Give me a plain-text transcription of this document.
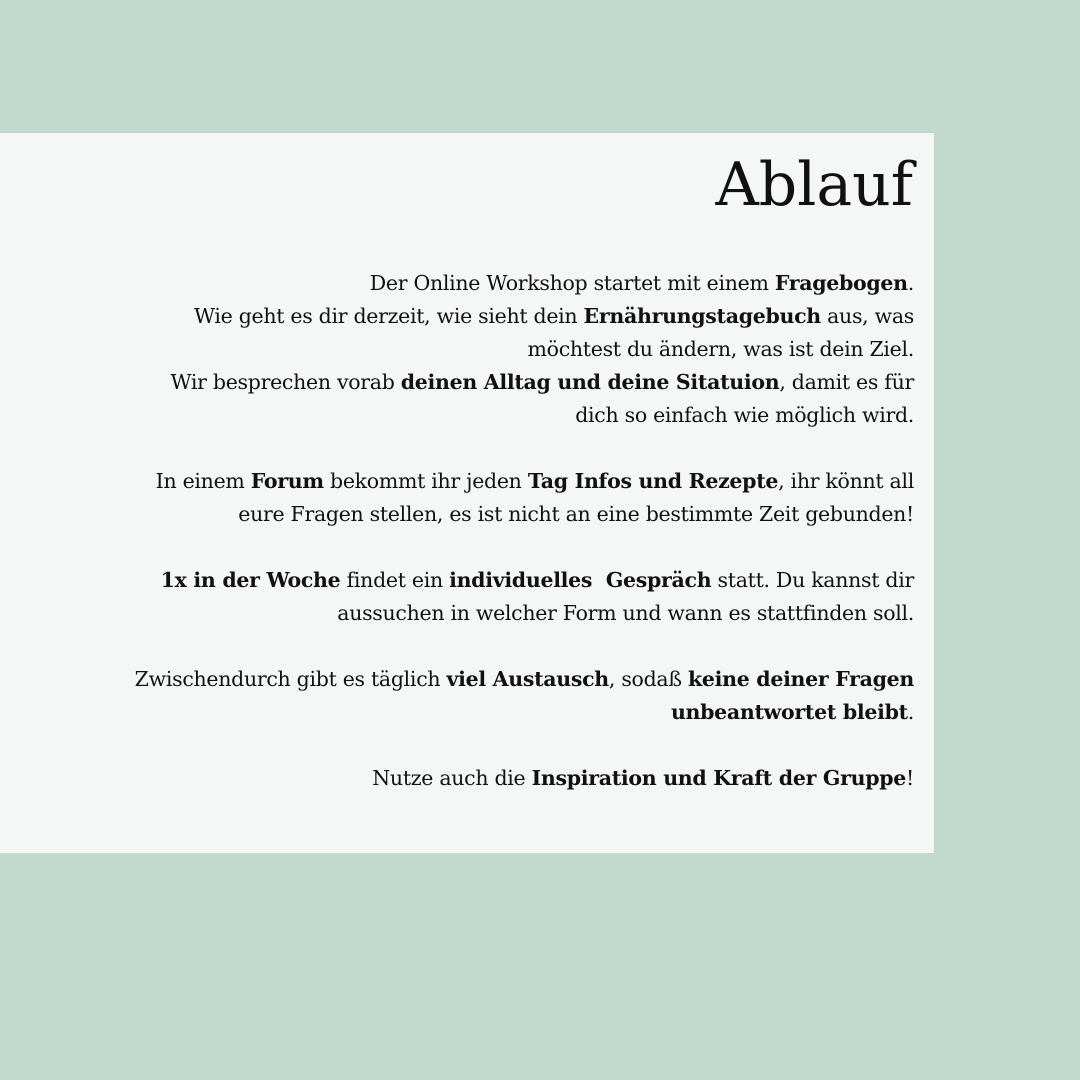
Ablauf

Der Online Workshop startet mit einem Fragebogen.
Wie geht es dir derzeit, wie sieht dein Ernährungstagebuch aus, was
möchtest du ändern, was ist dein Ziel.
Wir besprechen vorab deinen Alltag und deine Sitatuion, damit es für
dich so einfach wie möglich wird.

In einem Forum bekommt ihr jeden Tag Infos und Rezepte, ihr könnt all
eure Fragen stellen, es ist nicht an eine bestimmte Zeit gebunden!

1x in der Woche findet ein individuelles  Gespräch statt. Du kannst dir
aussuchen in welcher Form und wann es stattfinden soll.

Zwischendurch gibt es täglich viel Austausch, sodaß keine deiner Fragen
unbeantwortet bleibt.

Nutze auch die Inspiration und Kraft der Gruppe!
